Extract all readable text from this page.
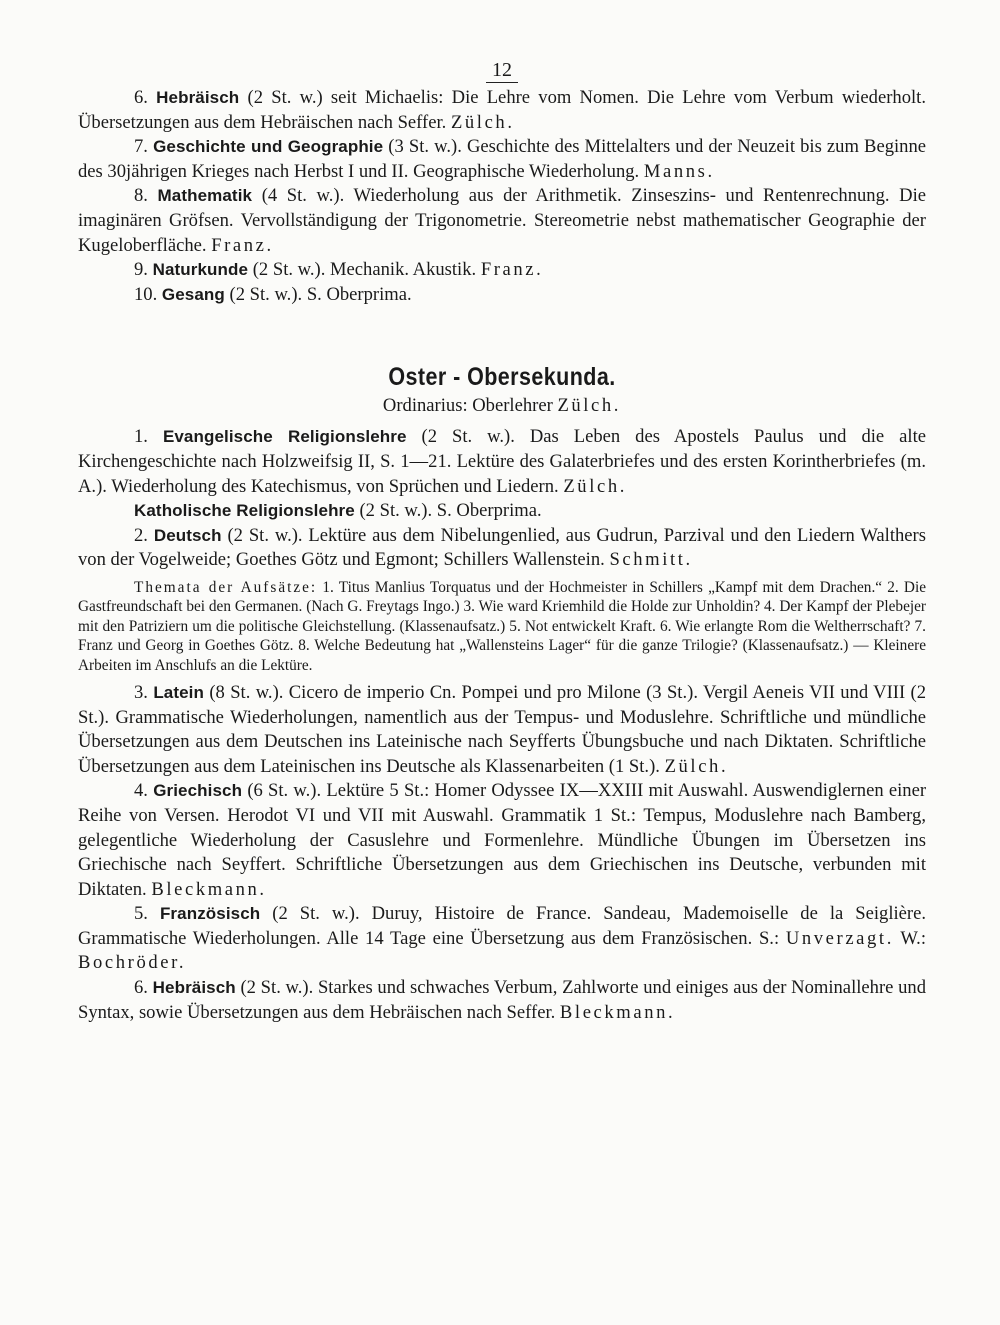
12

6. Hebräisch (2 St. w.) seit Michaelis: Die Lehre vom Nomen. Die Lehre vom Verbum wiederholt. Übersetzungen aus dem Hebräischen nach Seffer. Zülch.

7. Geschichte und Geographie (3 St. w.). Geschichte des Mittelalters und der Neuzeit bis zum Beginne des 30jährigen Krieges nach Herbst I und II. Geographische Wiederholung. Manns.

8. Mathematik (4 St. w.). Wiederholung aus der Arithmetik. Zinseszins- und Rentenrechnung. Die imaginären Gröfsen. Vervollständigung der Trigonometrie. Stereometrie nebst mathematischer Geographie der Kugeloberfläche. Franz.

9. Naturkunde (2 St. w.). Mechanik. Akustik. Franz.

10. Gesang (2 St. w.). S. Oberprima.

Oster - Obersekunda.
Ordinarius: Oberlehrer Zülch.

1. Evangelische Religionslehre (2 St. w.). Das Leben des Apostels Paulus und die alte Kirchengeschichte nach Holzweifsig II, S. 1—21. Lektüre des Galaterbriefes und des ersten Korintherbriefes (m. A.). Wiederholung des Katechismus, von Sprüchen und Liedern. Zülch.

Katholische Religionslehre (2 St. w.). S. Oberprima.

2. Deutsch (2 St. w.). Lektüre aus dem Nibelungenlied, aus Gudrun, Parzival und den Liedern Walthers von der Vogelweide; Goethes Götz und Egmont; Schillers Wallenstein. Schmitt.

Themata der Aufsätze: 1. Titus Manlius Torquatus und der Hochmeister in Schillers „Kampf mit dem Drachen.“ 2. Die Gastfreundschaft bei den Germanen. (Nach G. Freytags Ingo.) 3. Wie ward Kriemhild die Holde zur Unholdin? 4. Der Kampf der Plebejer mit den Patriziern um die politische Gleichstellung. (Klassenaufsatz.) 5. Not entwickelt Kraft. 6. Wie erlangte Rom die Weltherrschaft? 7. Franz und Georg in Goethes Götz. 8. Welche Bedeutung hat „Wallensteins Lager“ für die ganze Trilogie? (Klassenaufsatz.) — Kleinere Arbeiten im Anschlufs an die Lektüre.

3. Latein (8 St. w.). Cicero de imperio Cn. Pompei und pro Milone (3 St.). Vergil Aeneis VII und VIII (2 St.). Grammatische Wiederholungen, namentlich aus der Tempus- und Moduslehre. Schriftliche und mündliche Übersetzungen aus dem Deutschen ins Lateinische nach Seyfferts Übungsbuche und nach Diktaten. Schriftliche Übersetzungen aus dem Lateinischen ins Deutsche als Klassenarbeiten (1 St.). Zülch.

4. Griechisch (6 St. w.). Lektüre 5 St.: Homer Odyssee IX—XXIII mit Auswahl. Auswendiglernen einer Reihe von Versen. Herodot VI und VII mit Auswahl. Grammatik 1 St.: Tempus, Moduslehre nach Bamberg, gelegentliche Wiederholung der Casuslehre und Formenlehre. Mündliche Übungen im Übersetzen ins Griechische nach Seyffert. Schriftliche Übersetzungen aus dem Griechischen ins Deutsche, verbunden mit Diktaten. Bleckmann.

5. Französisch (2 St. w.). Duruy, Histoire de France. Sandeau, Mademoiselle de la Seiglière. Grammatische Wiederholungen. Alle 14 Tage eine Übersetzung aus dem Französischen. S.: Unverzagt. W.: Bochröder.

6. Hebräisch (2 St. w.). Starkes und schwaches Verbum, Zahlworte und einiges aus der Nominallehre und Syntax, sowie Übersetzungen aus dem Hebräischen nach Seffer. Bleckmann.
